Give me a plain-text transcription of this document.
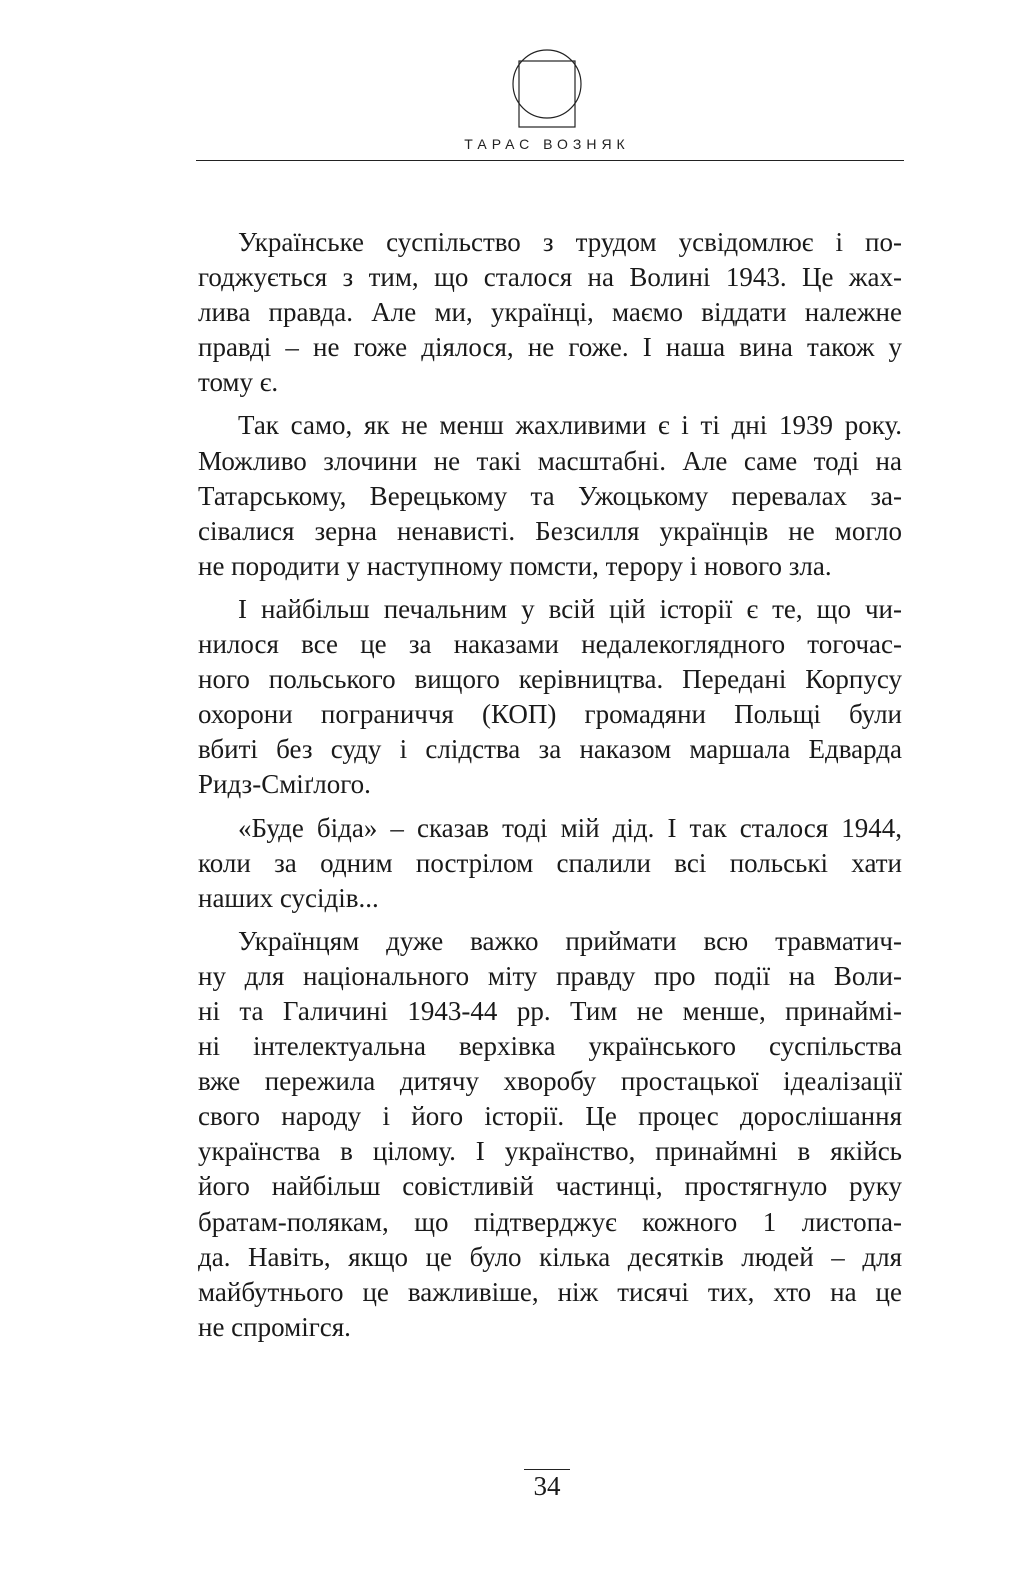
ТАРАС ВОЗНЯК
Українське суспільство з трудом усвідомлює і по-
годжується з тим, що сталося на Волині 1943. Це жах-
лива правда. Але ми, українці, маємо віддати належне
правді – не гоже діялося, не гоже. І наша вина також у
тому є.
Так само, як не менш жахливими є і ті дні 1939 року.
Можливо злочини не такі масштабні. Але саме тоді на
Татарському, Верецькому та Ужоцькому перевалах за-
сівалися зерна ненависті. Безсилля українців не могло
не породити у наступному помсти, терору і нового зла.
І найбільш печальним у всій цій історії є те, що чи-
нилося все це за наказами недалекоглядного тогочас-
ного польського вищого керівництва. Передані Корпусу
охорони пограниччя (КОП) громадяни Польщі були
вбиті без суду і слідства за наказом маршала Едварда
Ридз-Сміґлого.
«Буде біда» – сказав тоді мій дід. І так сталося 1944,
коли за одним пострілом спалили всі польські хати
наших сусідів...
Українцям дуже важко приймати всю травматич-
ну для національного міту правду про події на Воли-
ні та Галичині 1943-44 рр. Тим не менше, принаймі-
ні інтелектуальна верхівка українського суспільства
вже пережила дитячу хворобу простацької ідеалізації
свого народу і його історії. Це процес дорослішання
українства в цілому. І українство, принаймні в якійсь
його найбільш совістливій частинці, простягнуло руку
братам-полякам, що підтверджує кожного 1 листопа-
да. Навіть, якщо це було кілька десятків людей – для
майбутнього це важливіше, ніж тисячі тих, хто на це
не спромігся.
34
